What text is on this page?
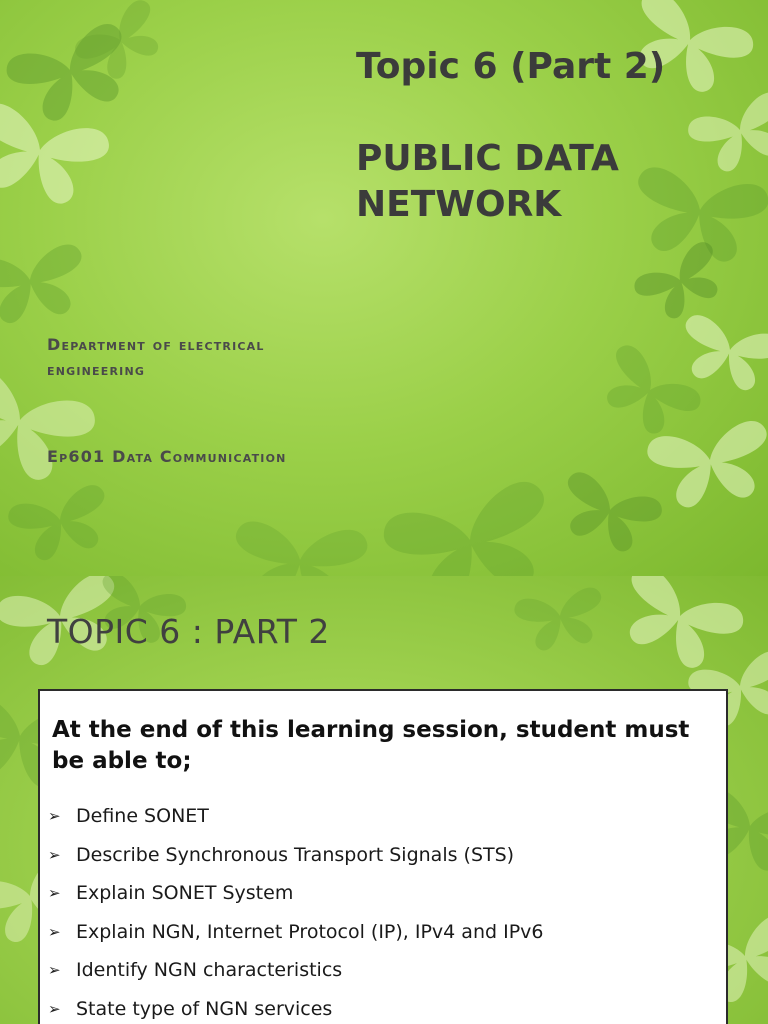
Topic 6 (Part 2)
PUBLIC DATA NETWORK

Department of electrical engineering

Ep601 Data Communication

TOPIC 6 : PART 2

At the end of this learning session, student must be able to;

➢ Define SONET
➢ Describe Synchronous Transport Signals (STS)
➢ Explain SONET System
➢ Explain NGN, Internet Protocol (IP), IPv4 and IPv6
➢ Identify NGN characteristics
➢ State type of NGN services
